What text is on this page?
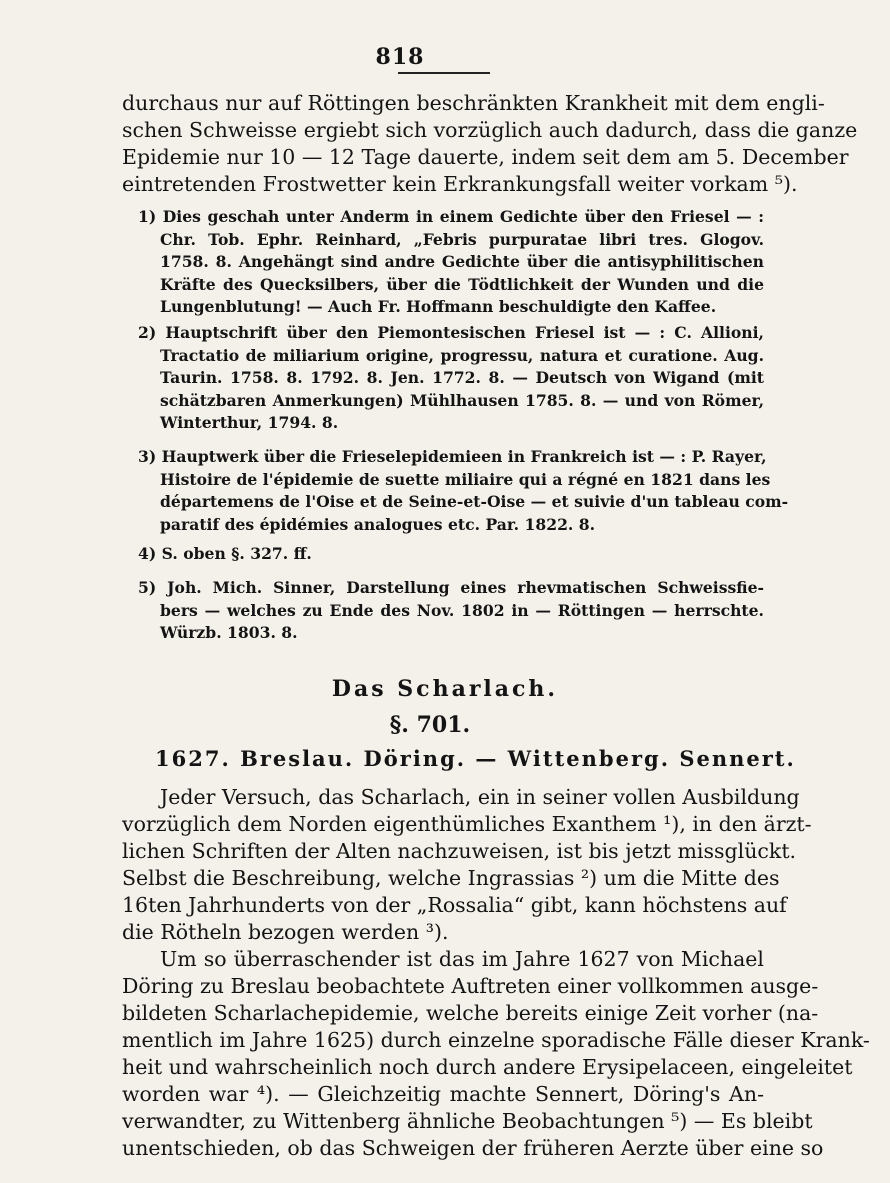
818
durchaus nur auf Röttingen beschränkten Krankheit mit dem engli-
schen Schweisse ergiebt sich vorzüglich auch dadurch, dass die ganze
Epidemie nur 10 — 12 Tage dauerte, indem seit dem am 5. December
eintretenden Frostwetter kein Erkrankungsfall weiter vorkam ⁵).
1) Dies geschah unter Anderm in einem Gedichte über den Friesel — :
Chr. Tob. Ephr. Reinhard, „Febris purpuratae libri tres. Glogov.
1758. 8. Angehängt sind andre Gedichte über die antisyphilitischen
Kräfte des Quecksilbers, über die Tödtlichkeit der Wunden und die
Lungenblutung! — Auch Fr. Hoffmann beschuldigte den Kaffee.
2) Hauptschrift über den Piemontesischen Friesel ist — : C. Allioni,
Tractatio de miliarium origine, progressu, natura et curatione. Aug.
Taurin. 1758. 8. 1792. 8. Jen. 1772. 8. — Deutsch von Wigand (mit
schätzbaren Anmerkungen) Mühlhausen 1785. 8. — und von Römer,
Winterthur, 1794. 8.
3) Hauptwerk über die Frieselepidemieen in Frankreich ist — : P. Rayer,
Histoire de l'épidemie de suette miliaire qui a régné en 1821 dans les
départemens de l'Oise et de Seine-et-Oise — et suivie d'un tableau com-
paratif des épidémies analogues etc. Par. 1822. 8.
4) S. oben §. 327. ff.
5) Joh. Mich. Sinner, Darstellung eines rhevmatischen Schweissfie-
bers — welches zu Ende des Nov. 1802 in — Röttingen — herrschte.
Würzb. 1803. 8.
Das Scharlach.
§. 701.
1627. Breslau. Döring. — Wittenberg. Sennert.
Jeder Versuch, das Scharlach, ein in seiner vollen Ausbildung
vorzüglich dem Norden eigenthümliches Exanthem ¹), in den ärzt-
lichen Schriften der Alten nachzuweisen, ist bis jetzt missglückt.
Selbst die Beschreibung, welche Ingrassias ²) um die Mitte des
16ten Jahrhunderts von der „Rossalia“ gibt, kann höchstens auf
die Rötheln bezogen werden ³).
Um so überraschender ist das im Jahre 1627 von Michael
Döring zu Breslau beobachtete Auftreten einer vollkommen ausge-
bildeten Scharlachepidemie, welche bereits einige Zeit vorher (na-
mentlich im Jahre 1625) durch einzelne sporadische Fälle dieser Krank-
heit und wahrscheinlich noch durch andere Erysipelaceen, eingeleitet
worden war ⁴). — Gleichzeitig machte Sennert, Döring's An-
verwandter, zu Wittenberg ähnliche Beobachtungen ⁵) — Es bleibt
unentschieden, ob das Schweigen der früheren Aerzte über eine so
